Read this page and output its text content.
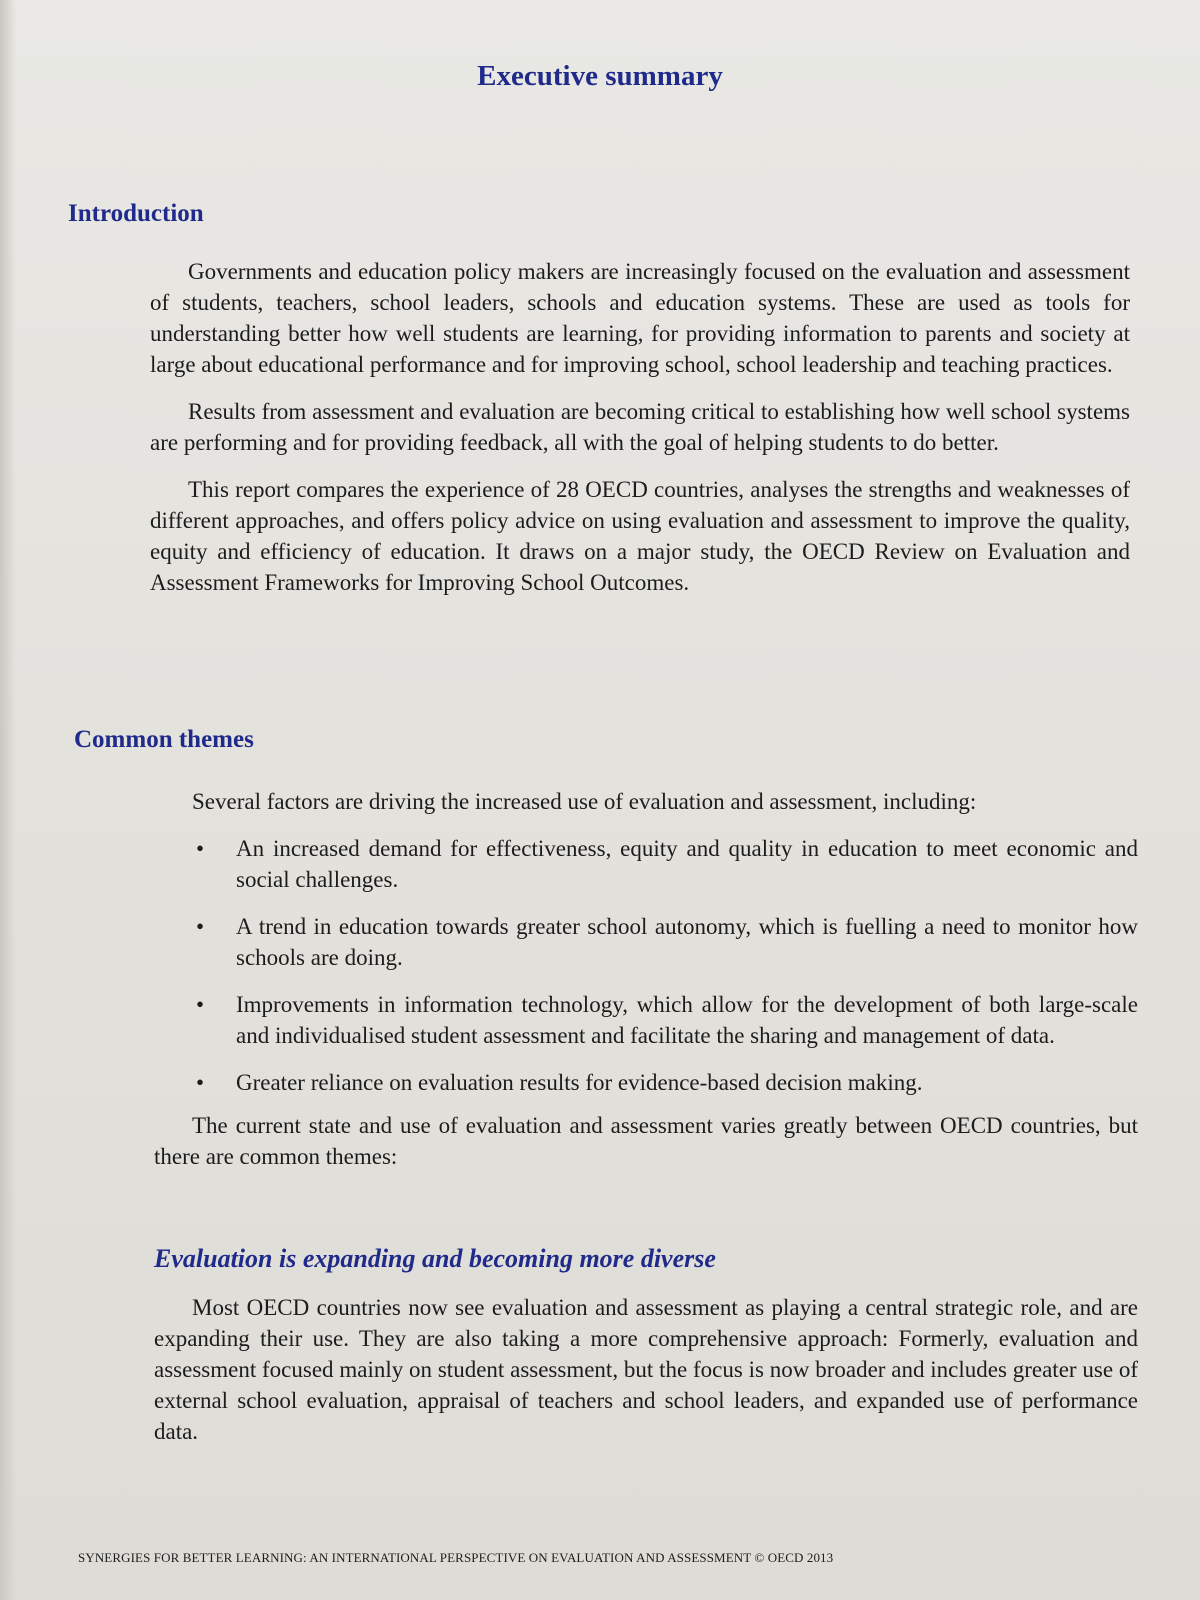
Executive summary
Introduction

Governments and education policy makers are increasingly focused on the evaluation and assessment of students, teachers, school leaders, schools and education systems. These are used as tools for understanding better how well students are learning, for providing information to parents and society at large about educational performance and for improving school, school leadership and teaching practices.

Results from assessment and evaluation are becoming critical to establishing how well school systems are performing and for providing feedback, all with the goal of helping students to do better.

This report compares the experience of 28 OECD countries, analyses the strengths and weaknesses of different approaches, and offers policy advice on using evaluation and assessment to improve the quality, equity and efficiency of education. It draws on a major study, the OECD Review on Evaluation and Assessment Frameworks for Improving School Outcomes.

Common themes

Several factors are driving the increased use of evaluation and assessment, including:

• An increased demand for effectiveness, equity and quality in education to meet economic and social challenges.
• A trend in education towards greater school autonomy, which is fuelling a need to monitor how schools are doing.
• Improvements in information technology, which allow for the development of both large-scale and individualised student assessment and facilitate the sharing and management of data.
• Greater reliance on evaluation results for evidence-based decision making.

The current state and use of evaluation and assessment varies greatly between OECD countries, but there are common themes:

Evaluation is expanding and becoming more diverse

Most OECD countries now see evaluation and assessment as playing a central strategic role, and are expanding their use. They are also taking a more comprehensive approach: Formerly, evaluation and assessment focused mainly on student assessment, but the focus is now broader and includes greater use of external school evaluation, appraisal of teachers and school leaders, and expanded use of performance data.

SYNERGIES FOR BETTER LEARNING: AN INTERNATIONAL PERSPECTIVE ON EVALUATION AND ASSESSMENT © OECD 2013
